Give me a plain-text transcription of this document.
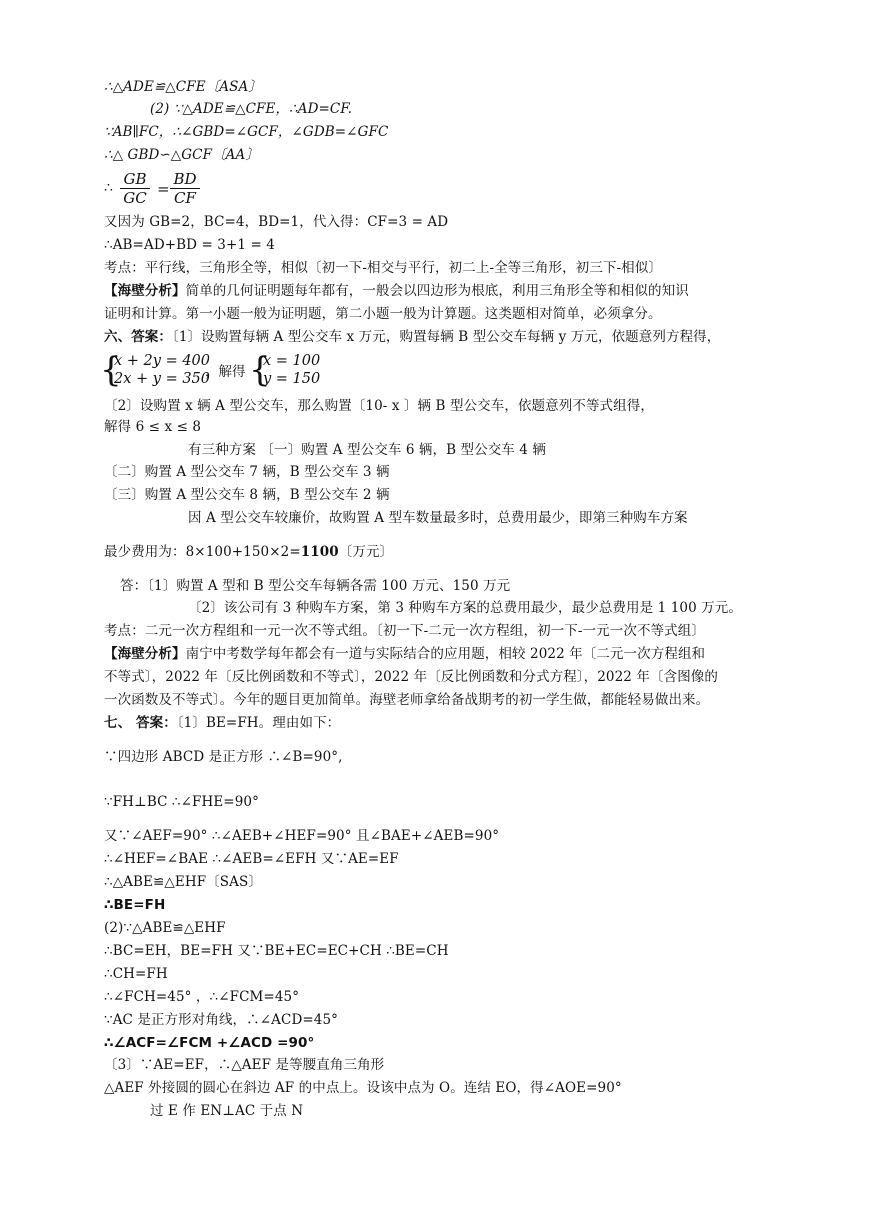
∴△ADE≌△CFE〔ASA〕
(2) ∵△ADE≌△CFE，∴AD=CF.
∵AB∥FC，∴∠GBD=∠GCF，∠GDB=∠GFC
∴△ GBD∽△GCF〔AA〕
∴ $\frac{GB}{GC} = \frac{BD}{CF}$
又因为 GB=2，BC=4，BD=1，代入得：CF=3 = AD
∴AB=AD+BD = 3+1 = 4
考点：平行线，三角形全等，相似〔初一下-相交与平行，初二上-全等三角形，初三下-相似〕
【海壁分析】简单的几何证明题每年都有，一般会以四边形为根底，利用三角形全等和相似的知识
证明和计算。第一小题一般为证明题，第二小题一般为计算题。这类题相对简单，必须拿分。
六、答案：〔1〕设购置每辆 A 型公交车 x 万元，购置每辆 B 型公交车每辆 y 万元，依题意列方程得，
{
x + 2y = 400
2x + y = 350
，解得 {
x = 100
y = 150
〔2〕设购置 x 辆 A 型公交车，那么购置〔10- x 〕辆 B 型公交车，依题意列不等式组得，
解得 6 ≤ x ≤ 8
有三种方案 〔一〕购置 A 型公交车 6 辆，B 型公交车 4 辆
〔二〕购置 A 型公交车 7 辆，B 型公交车 3 辆
〔三〕购置 A 型公交车 8 辆，B 型公交车 2 辆
因 A 型公交车较廉价，故购置 A 型车数量最多时，总费用最少，即第三种购车方案
最少费用为：8×100+150×2=1100〔万元〕
答：〔1〕购置 A 型和 B 型公交车每辆各需 100 万元、150 万元
〔2〕该公司有 3 种购车方案，第 3 种购车方案的总费用最少，最少总费用是 1 100 万元。
考点：二元一次方程组和一元一次不等式组。〔初一下-二元一次方程组，初一下-一元一次不等式组〕
【海壁分析】南宁中考数学每年都会有一道与实际结合的应用题，相较 2022 年〔二元一次方程组和
不等式〕，2022 年〔反比例函数和不等式〕，2022 年〔反比例函数和分式方程〕，2022 年〔含图像的
一次函数及不等式〕。今年的题目更加简单。海壁老师拿给备战期考的初一学生做，都能轻易做出来。
七、 答案：〔1〕BE=FH。理由如下：
∵四边形 ABCD 是正方形 ∴∠B=90°,
∵FH⊥BC ∴∠FHE=90°
又∵∠AEF=90° ∴∠AEB+∠HEF=90° 且∠BAE+∠AEB=90°
∴∠HEF=∠BAE ∴∠AEB=∠EFH 又∵AE=EF
∴△ABE≌△EHF〔SAS〕
∴BE=FH
(2)∵△ABE≌△EHF
∴BC=EH，BE=FH 又∵BE+EC=EC+CH ∴BE=CH
∴CH=FH
∴∠FCH=45° ，∴∠FCM=45°
∵AC 是正方形对角线，∴∠ACD=45°
∴∠ACF=∠FCM +∠ACD =90°
〔3〕∵AE=EF，∴△AEF 是等腰直角三角形
△AEF 外接圆的圆心在斜边 AF 的中点上。设该中点为 O。连结 EO，得∠AOE=90°
过 E 作 EN⊥AC 于点 N
